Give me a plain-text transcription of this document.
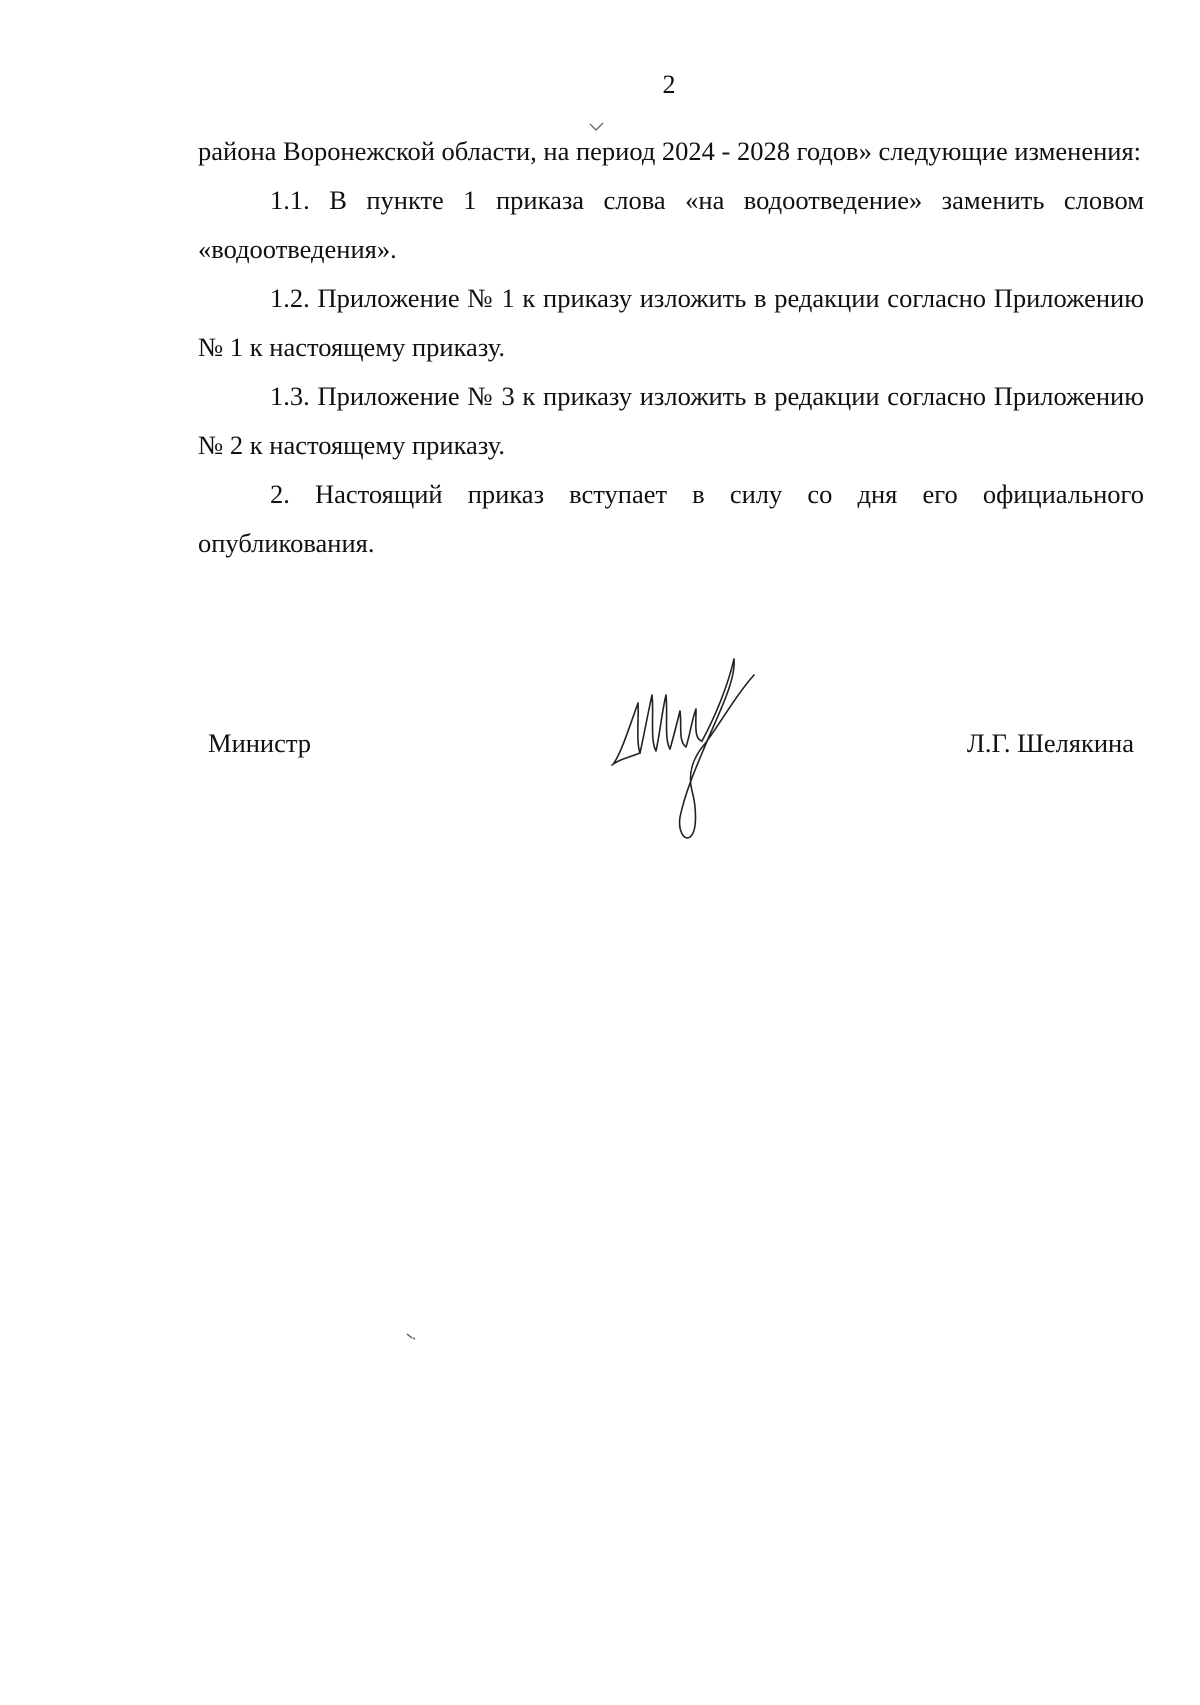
2

района Воронежской области, на период 2024 - 2028 годов» следующие изменения:

1.1. В пункте 1 приказа слова «на водоотведение» заменить словом «водоотведения».

1.2. Приложение № 1 к приказу изложить в редакции согласно Приложению № 1 к настоящему приказу.

1.3. Приложение № 3 к приказу изложить в редакции согласно Приложению № 2 к настоящему приказу.

2. Настоящий приказ вступает в силу со дня его официального опубликования.

Министр	Л.Г. Шелякина
